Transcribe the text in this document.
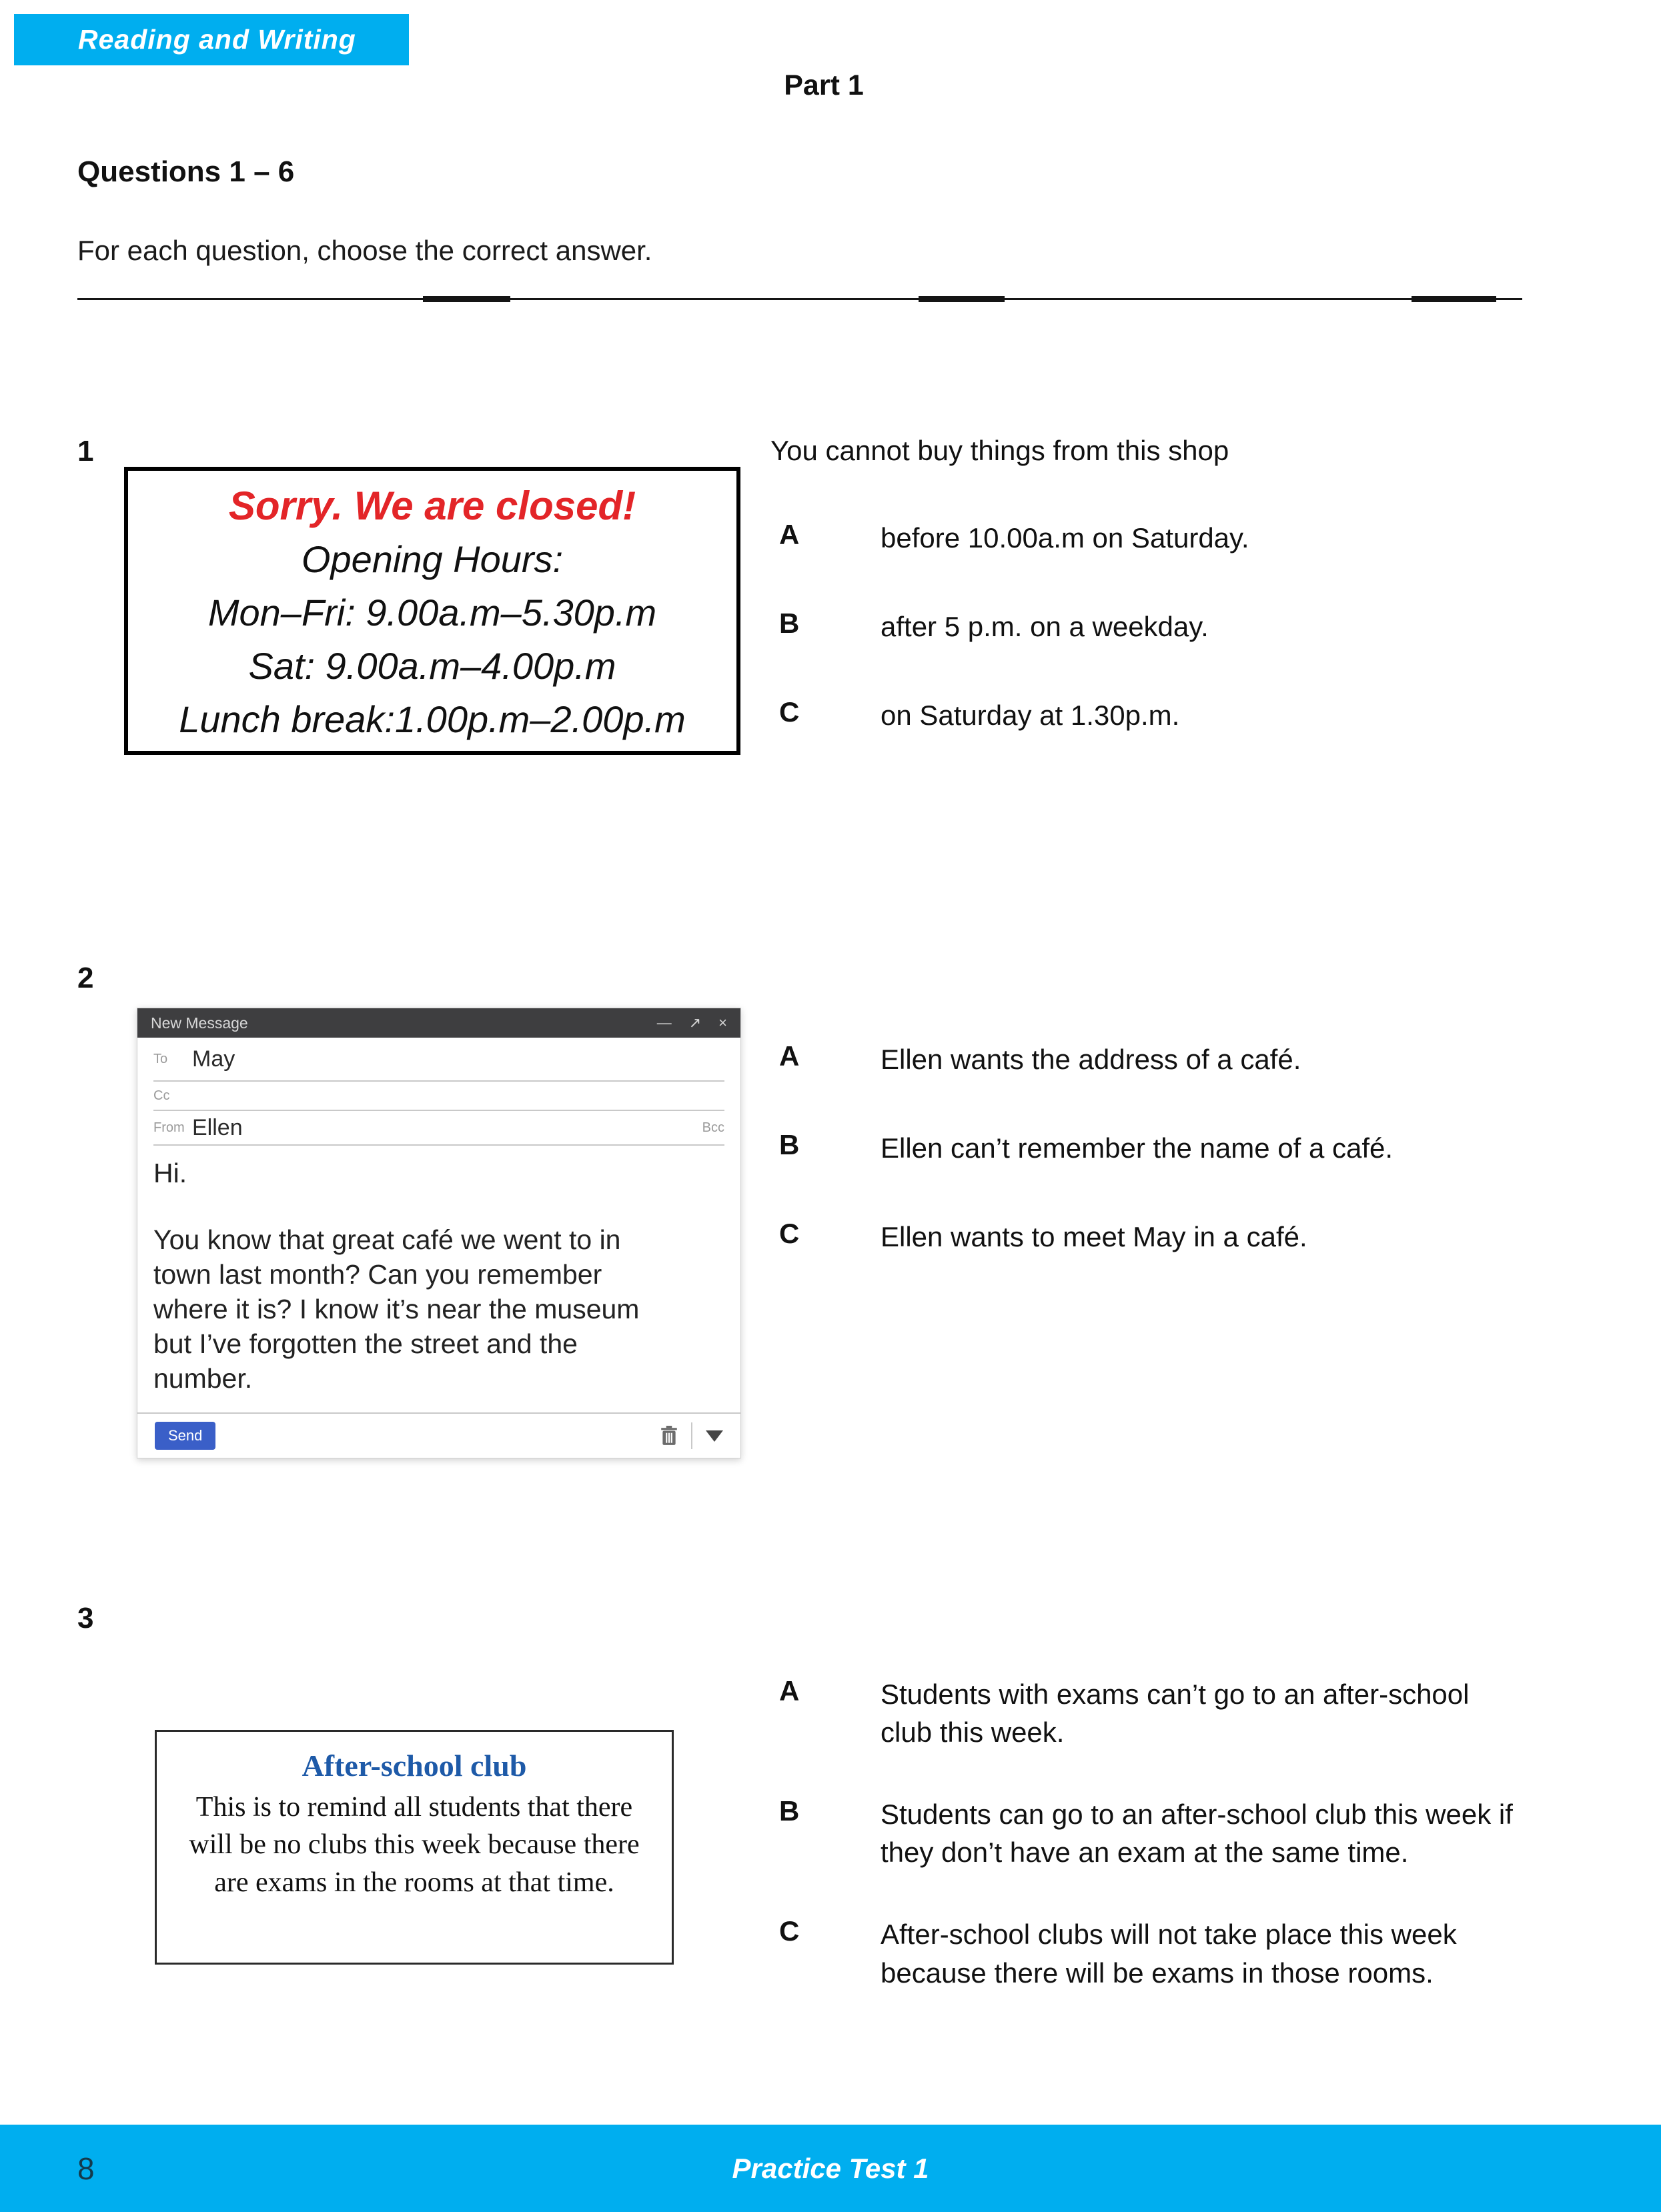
Reading and Writing
Part 1
Questions 1 – 6
For each question, choose the correct answer.
1
Sorry. We are closed!
Opening Hours:
Mon–Fri: 9.00a.m–5.30p.m
Sat: 9.00a.m–4.00p.m
Lunch break:1.00p.m–2.00p.m
You cannot buy things from this shop
A	before 10.00a.m on Saturday.
B	after 5 p.m. on a weekday.
C	on Saturday at 1.30p.m.
2
New Message	— ↗ ×
To	May
Cc
From Ellen	Bcc
Hi.
You know that great café we went to in town last month? Can you remember where it is? I know it’s near the museum but I’ve forgotten the street and the number.
Send
A	Ellen wants the address of a café.
B	Ellen can’t remember the name of a café.
C	Ellen wants to meet May in a café.
3
After-school club
This is to remind all students that there will be no clubs this week because there are exams in the rooms at that time.
A	Students with exams can’t go to an after-⁠school club this week.
B	Students can go to an after-school club this week if they don’t have an exam at the same time.
C	After-school clubs will not take place this week because there will be exams in those rooms.
8	Practice Test 1
